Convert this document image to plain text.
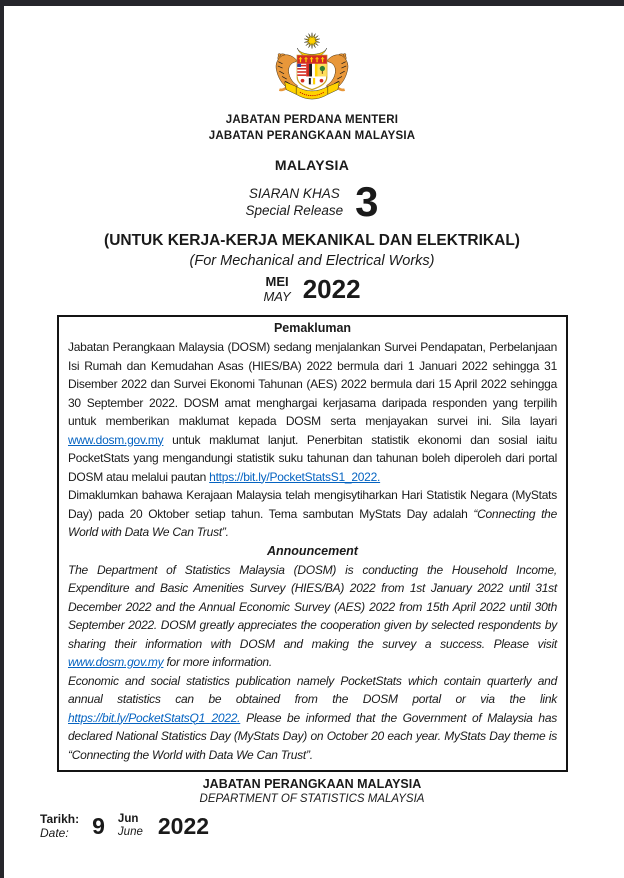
JABATAN PERDANA MENTERI
JABATAN PERANGKAAN MALAYSIA
MALAYSIA
SIARAN KHAS
Special Release 3
(UNTUK KERJA-KERJA MEKANIKAL DAN ELEKTRIKAL)
(For Mechanical and Electrical Works)
MEI
MAY 2022
Pemakluman

Jabatan Perangkaan Malaysia (DOSM) sedang menjalankan Survei Pendapatan, Perbelanjaan Isi Rumah dan Kemudahan Asas (HIES/BA) 2022 bermula dari 1 Januari 2022 sehingga 31 Disember 2022 dan Survei Ekonomi Tahunan (AES) 2022 bermula dari 15 April 2022 sehingga 30 September 2022. DOSM amat menghargai kerjasama daripada responden yang terpilih untuk memberikan maklumat kepada DOSM serta menjayakan survei ini. Sila layari www.dosm.gov.my untuk maklumat lanjut. Penerbitan statistik ekonomi dan sosial iaitu PocketStats yang mengandungi statistik suku tahunan dan tahunan boleh diperoleh dari portal DOSM atau melalui pautan https://bit.ly/PocketStatsS1_2022.

Dimaklumkan bahawa Kerajaan Malaysia telah mengisytiharkan Hari Statistik Negara (MyStats Day) pada 20 Oktober setiap tahun. Tema sambutan MyStats Day adalah “Connecting the World with Data We Can Trust”.

Announcement

The Department of Statistics Malaysia (DOSM) is conducting the Household Income, Expenditure and Basic Amenities Survey (HIES/BA) 2022 from 1st January 2022 until 31st December 2022 and the Annual Economic Survey (AES) 2022 from 15th April 2022 until 30th September 2022. DOSM greatly appreciates the cooperation given by selected respondents by sharing their information with DOSM and making the survey a success. Please visit www.dosm.gov.my for more information.

Economic and social statistics publication namely PocketStats which contain quarterly and annual statistics can be obtained from the DOSM portal or via the link https://bit.ly/PocketStatsQ1_2022. Please be informed that the Government of Malaysia has declared National Statistics Day (MyStats Day) on October 20 each year. MyStats Day theme is “Connecting the World with Data We Can Trust”.

JABATAN PERANGKAAN MALAYSIA
DEPARTMENT OF STATISTICS MALAYSIA
Tarikh:
Date:	9 Jun
June 2022
